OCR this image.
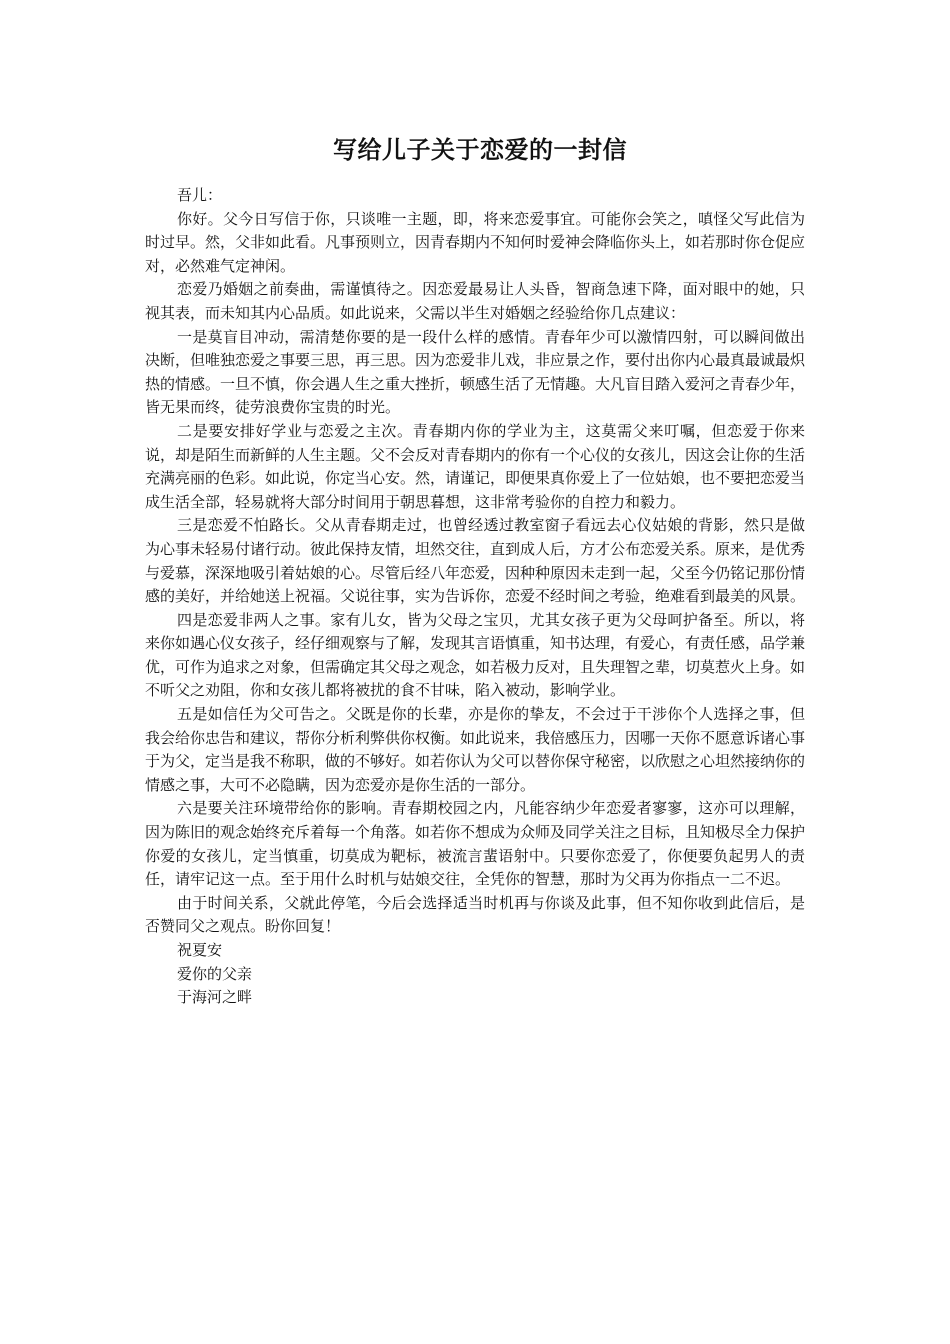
写给儿子关于恋爱的一封信

吾儿：

你好。父今日写信于你，只谈唯一主题，即，将来恋爱事宜。可能你会笑之，嗔怪父写此信为时过早。然，父非如此看。凡事预则立，因青春期内不知何时爱神会降临你头上，如若那时你仓促应对，必然难气定神闲。

恋爱乃婚姻之前奏曲，需谨慎待之。因恋爱最易让人头昏，智商急速下降，面对眼中的她，只视其表，而未知其内心品质。如此说来，父需以半生对婚姻之经验给你几点建议：

一是莫盲目冲动，需清楚你要的是一段什么样的感情。青春年少可以激情四射，可以瞬间做出决断，但唯独恋爱之事要三思，再三思。因为恋爱非儿戏，非应景之作，要付出你内心最真最诚最炽热的情感。一旦不慎，你会遇人生之重大挫折，顿感生活了无情趣。大凡盲目踏入爱河之青春少年，皆无果而终，徒劳浪费你宝贵的时光。

二是要安排好学业与恋爱之主次。青春期内你的学业为主，这莫需父来叮嘱，但恋爱于你来说，却是陌生而新鲜的人生主题。父不会反对青春期内的你有一个心仪的女孩儿，因这会让你的生活充满亮丽的色彩。如此说，你定当心安。然，请谨记，即便果真你爱上了一位姑娘，也不要把恋爱当成生活全部，轻易就将大部分时间用于朝思暮想，这非常考验你的自控力和毅力。

三是恋爱不怕路长。父从青春期走过，也曾经透过教室窗子看远去心仪姑娘的背影，然只是做为心事未轻易付诸行动。彼此保持友情，坦然交往，直到成人后，方才公布恋爱关系。原来，是优秀与爱慕，深深地吸引着姑娘的心。尽管后经八年恋爱，因种种原因未走到一起，父至今仍铭记那份情感的美好，并给她送上祝福。父说往事，实为告诉你，恋爱不经时间之考验，绝难看到最美的风景。

四是恋爱非两人之事。家有儿女，皆为父母之宝贝，尤其女孩子更为父母呵护备至。所以，将来你如遇心仪女孩子，经仔细观察与了解，发现其言语慎重，知书达理，有爱心，有责任感，品学兼优，可作为追求之对象，但需确定其父母之观念，如若极力反对，且失理智之辈，切莫惹火上身。如不听父之劝阻，你和女孩儿都将被扰的食不甘味，陷入被动，影响学业。

五是如信任为父可告之。父既是你的长辈，亦是你的挚友，不会过于干涉你个人选择之事，但我会给你忠告和建议，帮你分析利弊供你权衡。如此说来，我倍感压力，因哪一天你不愿意诉诸心事于为父，定当是我不称职，做的不够好。如若你认为父可以替你保守秘密，以欣慰之心坦然接纳你的情感之事，大可不必隐瞒，因为恋爱亦是你生活的一部分。

六是要关注环境带给你的影响。青春期校园之内，凡能容纳少年恋爱者寥寥，这亦可以理解，因为陈旧的观念始终充斥着每一个角落。如若你不想成为众师及同学关注之目标，且知极尽全力保护你爱的女孩儿，定当慎重，切莫成为靶标，被流言蜚语射中。只要你恋爱了，你便要负起男人的责任，请牢记这一点。至于用什么时机与姑娘交往，全凭你的智慧，那时为父再为你指点一二不迟。

由于时间关系，父就此停笔，今后会选择适当时机再与你谈及此事，但不知你收到此信后，是否赞同父之观点。盼你回复！

祝夏安

爱你的父亲

于海河之畔
